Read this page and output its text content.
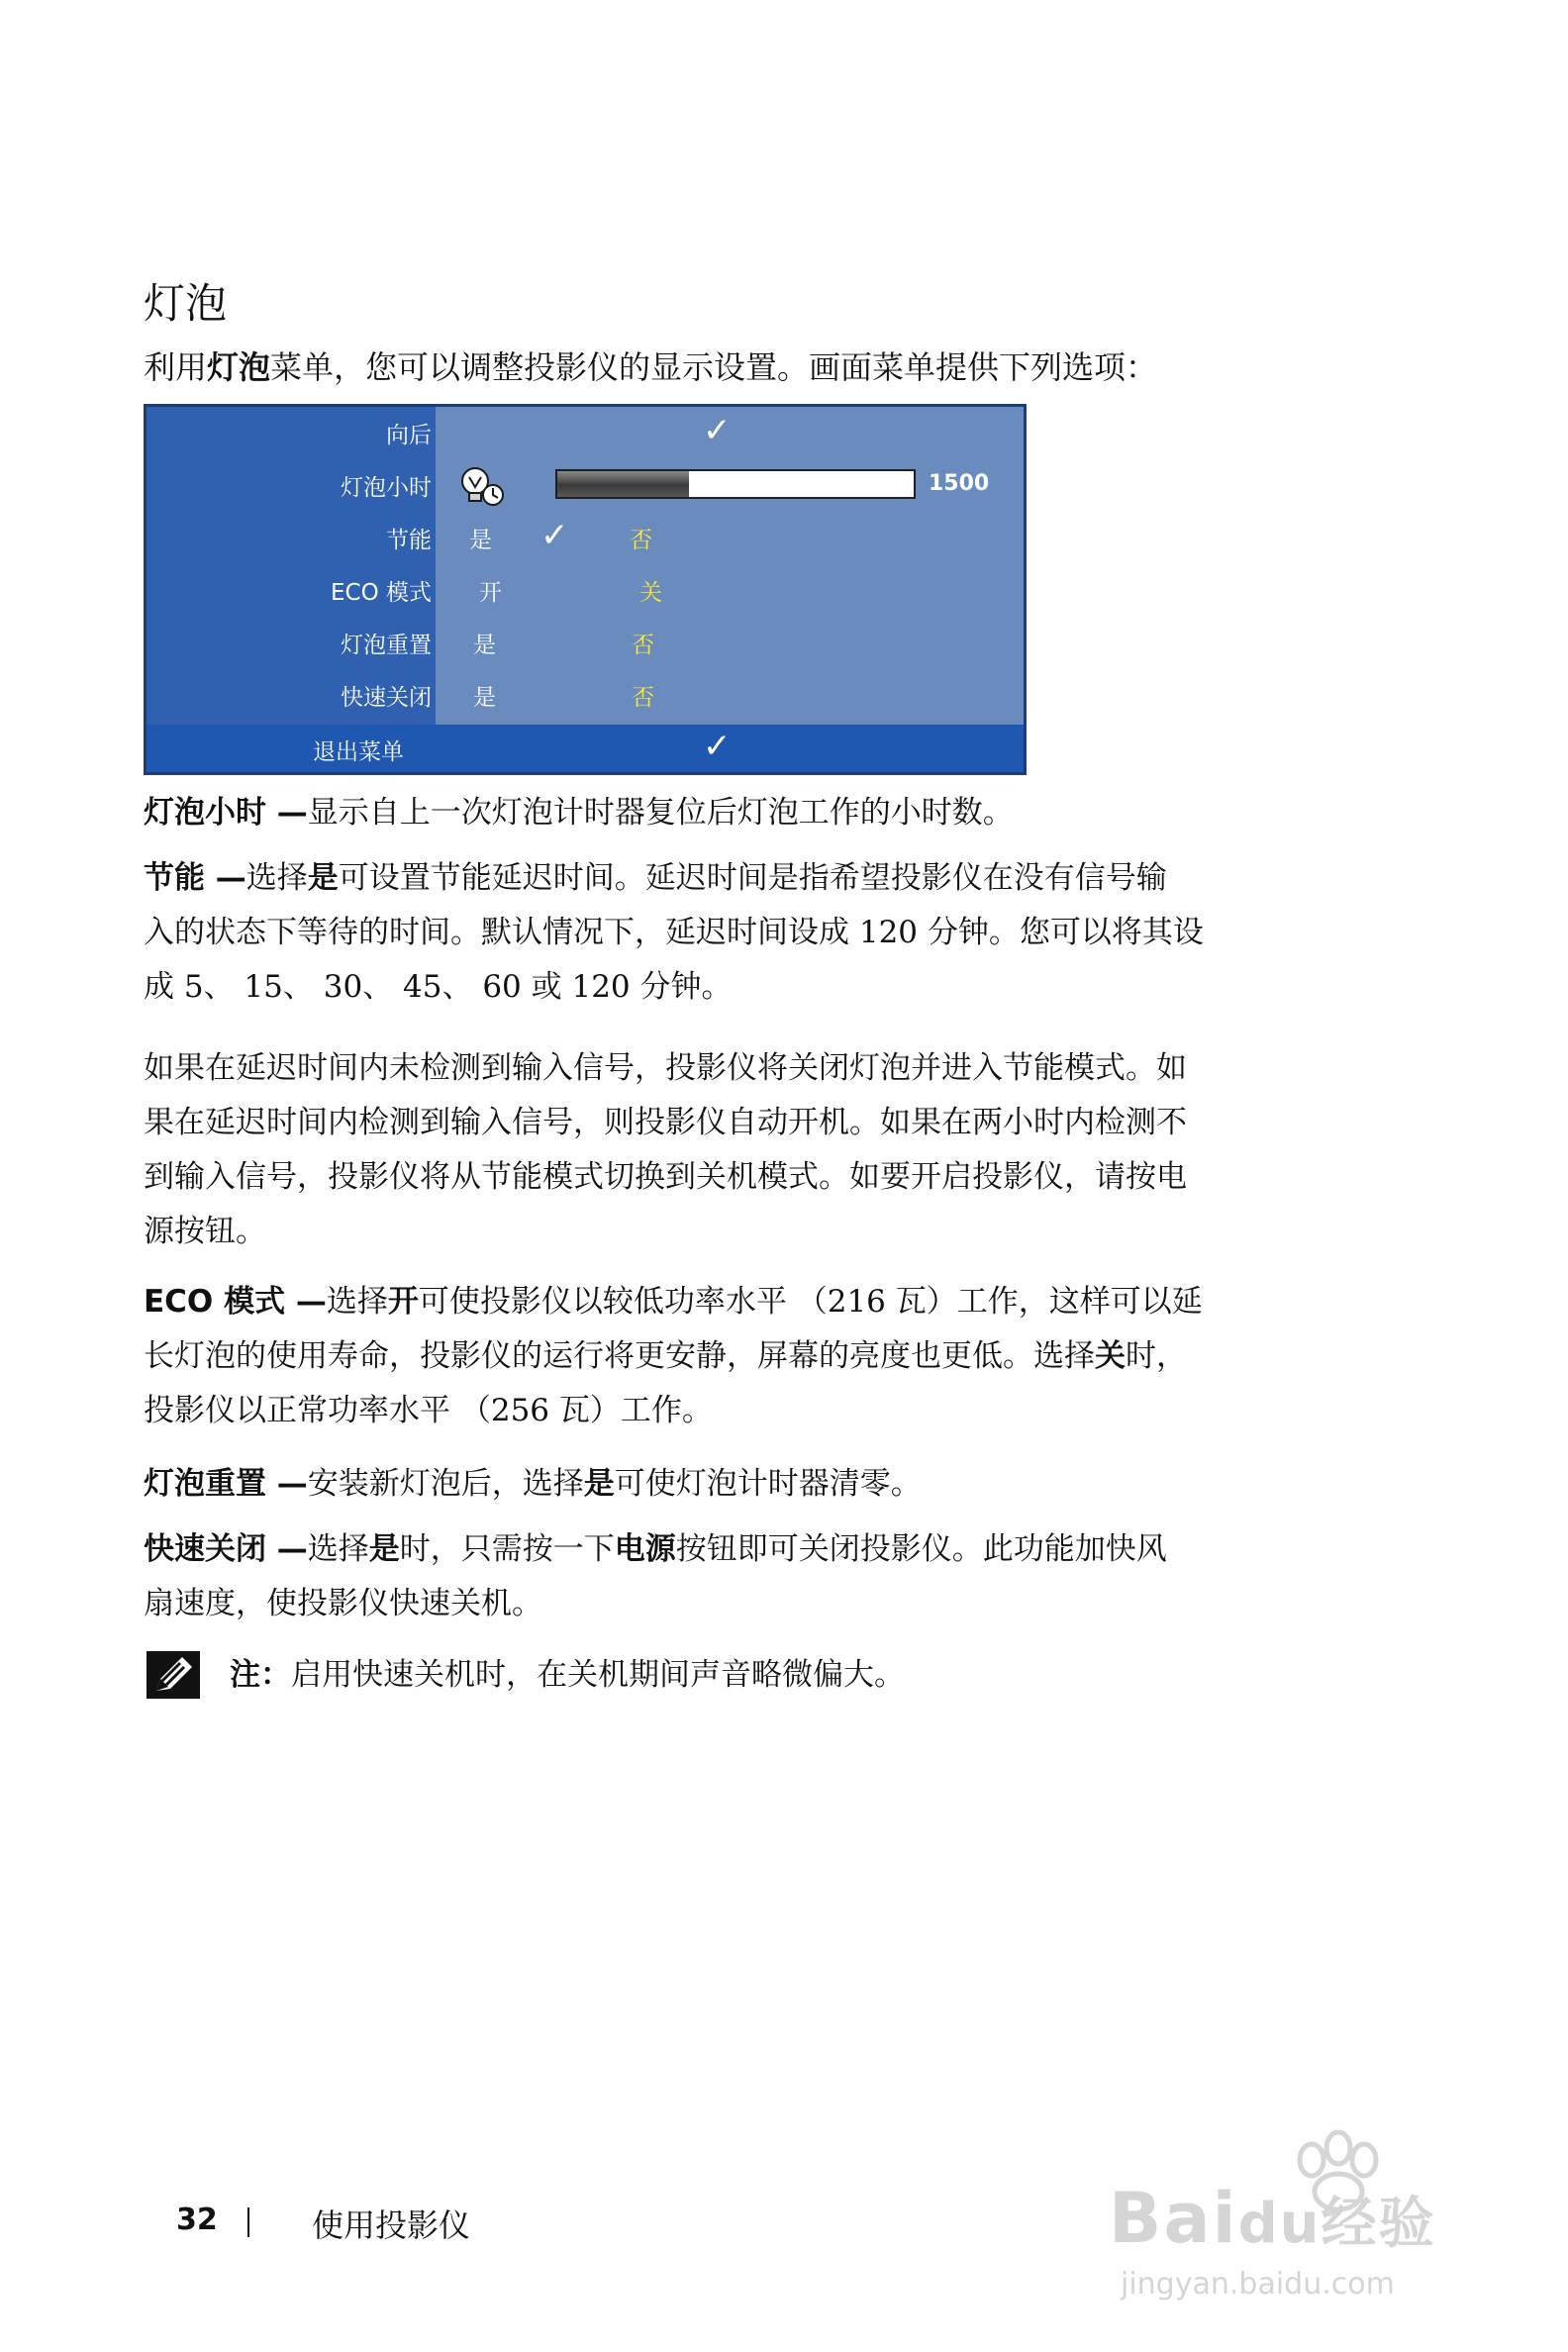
灯泡
利用灯泡菜单，您可以调整投影仪的显示设置。画面菜单提供下列选项：
向后	✓
灯泡小时	1500
节能 是 ✓	否
ECO 模式 开	关
灯泡重置 是	否
快速关闭 是	否
退出菜单	✓
灯泡小时 —显示自上一次灯泡计时器复位后灯泡工作的小时数。
节能 —选择是可设置节能延迟时间。延迟时间是指希望投影仪在没有信号输
入的状态下等待的时间。默认情况下，延迟时间设成 120 分钟。您可以将其设
成 5、 15、 30、 45、 60 或 120 分钟。
如果在延迟时间内未检测到输入信号，投影仪将关闭灯泡并进入节能模式。如
果在延迟时间内检测到输入信号，则投影仪自动开机。如果在两小时内检测不
到输入信号，投影仪将从节能模式切换到关机模式。如要开启投影仪，请按电
源按钮。
ECO 模式 —选择开可使投影仪以较低功率水平 （216 瓦）工作，这样可以延
长灯泡的使用寿命，投影仪的运行将更安静，屏幕的亮度也更低。选择关时，
投影仪以正常功率水平 （256 瓦）工作。
灯泡重置 —安装新灯泡后，选择是可使灯泡计时器清零。
快速关闭 —选择是时，只需按一下电源按钮即可关闭投影仪。此功能加快风
扇速度，使投影仪快速关机。
注：启用快速关机时，在关机期间声音略微偏大。
32	使用投影仪	Baidu经验
jingyan.baidu.com
